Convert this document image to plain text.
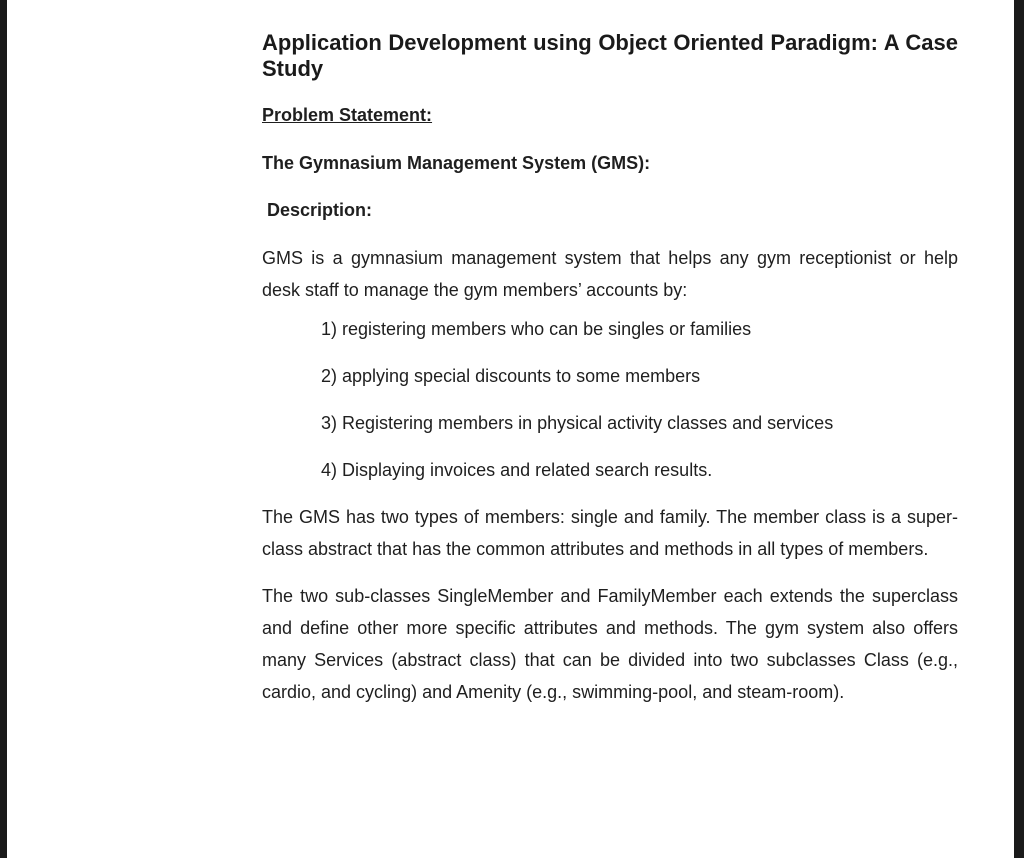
Application Development using Object Oriented Paradigm: A Case Study
Problem Statement:
The Gymnasium Management System (GMS):
Description:

GMS is a gymnasium management system that helps any gym receptionist or help desk staff to manage the gym members’ accounts by:

1) registering members who can be singles or families
2) applying special discounts to some members
3) Registering members in physical activity classes and services
4) Displaying invoices and related search results.

The GMS has two types of members: single and family. The member class is a super-class abstract that has the common attributes and methods in all types of members.

The two sub-classes SingleMember and FamilyMember each extends the superclass and define other more specific attributes and methods. The gym system also offers many Services (abstract class) that can be divided into two subclasses Class (e.g., cardio, and cycling) and Amenity (e.g., swimming-pool, and steam-room).
